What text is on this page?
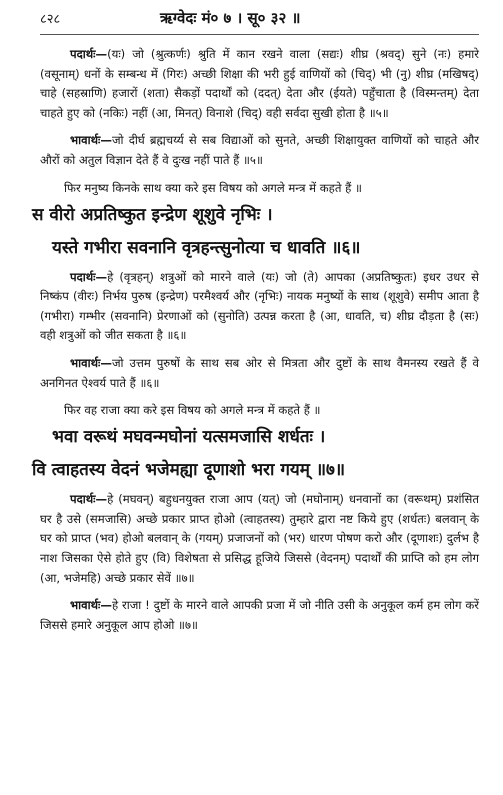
८२८	ऋग्वेदः मं० ७ । सू० ३२ ॥

पदार्थः—(यः) जो (श्रुत्कर्णः) श्रुति में कान रखने वाला (सद्यः) शीघ्र (श्रवद्) सुने (नः) हमारे (वसूनाम्) धनों के सम्बन्ध में (गिरः) अच्छी शिक्षा की भरी हुई वाणियों को (चिद्) भी (नु) शीघ्र (मखिषद्) चाहे (सहस्राणि) हजारों (शता) सैकड़ों पदार्थों को (ददत्) देता और (ईयते) पहुँचाता है (विस्मन्तम्) देता चाहते हुए को (नकिः) नहीं (आ, मिनत्) विनाशे (चिद्) वही सर्वदा सुखी होता है ॥५॥

भावार्थः—जो दीर्घ ब्रह्मचर्य्य से सब विद्याओं को सुनते, अच्छी शिक्षायुक्त वाणियों को चाहते और औरों को अतुल विज्ञान देते हैं वे दुःख नहीं पाते हैं ॥५॥

फिर मनुष्य किनके साथ क्या करे इस विषय को अगले मन्त्र में कहते हैं ॥
स वीरो अप्रतिष्कुत इन्द्रेण शूशुवे नृभिः ।
यस्ते गभीरा सवनानि वृत्रहन्त्सुनोत्या च धावति ॥६॥

पदार्थः—हे (वृत्रहन्) शत्रुओं को मारने वाले (यः) जो (ते) आपका (अप्रतिष्कुतः) इधर उधर से निष्कंप (वीरः) निर्भय पुरुष (इन्द्रेण) परमैश्वर्य और (नृभिः) नायक मनुष्यों के साथ (शूशुवे) समीप आता है (गभीरा) गम्भीर (सवनानि) प्रेरणाओं को (सुनोति) उत्पन्न करता है (आ, धावति, च) शीघ्र दौड़ता है (सः) वही शत्रुओं को जीत सकता है ॥६॥

भावार्थः—जो उत्तम पुरुषों के साथ सब ओर से मित्रता और दुष्टों के साथ वैमनस्य रखते हैं वे अनगिनत ऐश्वर्य पाते हैं ॥६॥

फिर वह राजा क्या करे इस विषय को अगले मन्त्र में कहते हैं ॥
भवा वरूथं मघवन्मघोनां यत्समजासि शर्धतः ।
वि त्वाहतस्य वेदनं भजेमह्या दूणाशो भरा गयम् ॥७॥

पदार्थः—हे (मघवन्) बहुधनयुक्त राजा आप (यत्) जो (मघोनाम्) धनवानों का (वरूथम्) प्रशंसित घर है उसे (समजासि) अच्छे प्रकार प्राप्त होओ (त्वाहतस्य) तुम्हारे द्वारा नष्ट किये हुए (शर्धतः) बलवान् के घर को प्राप्त (भव) होओ बलवान् के (गयम्) प्रजाजनों को (भर) धारण पोषण करो और (दूणाशः) दुर्लभ है नाश जिसका ऐसे होते हुए (वि) विशेषता से प्रसिद्ध हूजिये जिससे (वेदनम्) पदार्थों की प्राप्ति को हम लोग (आ, भजेमहि) अच्छे प्रकार सेवें ॥७॥

भावार्थः—हे राजा ! दुष्टों के मारने वाले आपकी प्रजा में जो नीति उसी के अनुकूल कर्म हम लोग करें जिससे हमारे अनुकूल आप होओ ॥७॥
